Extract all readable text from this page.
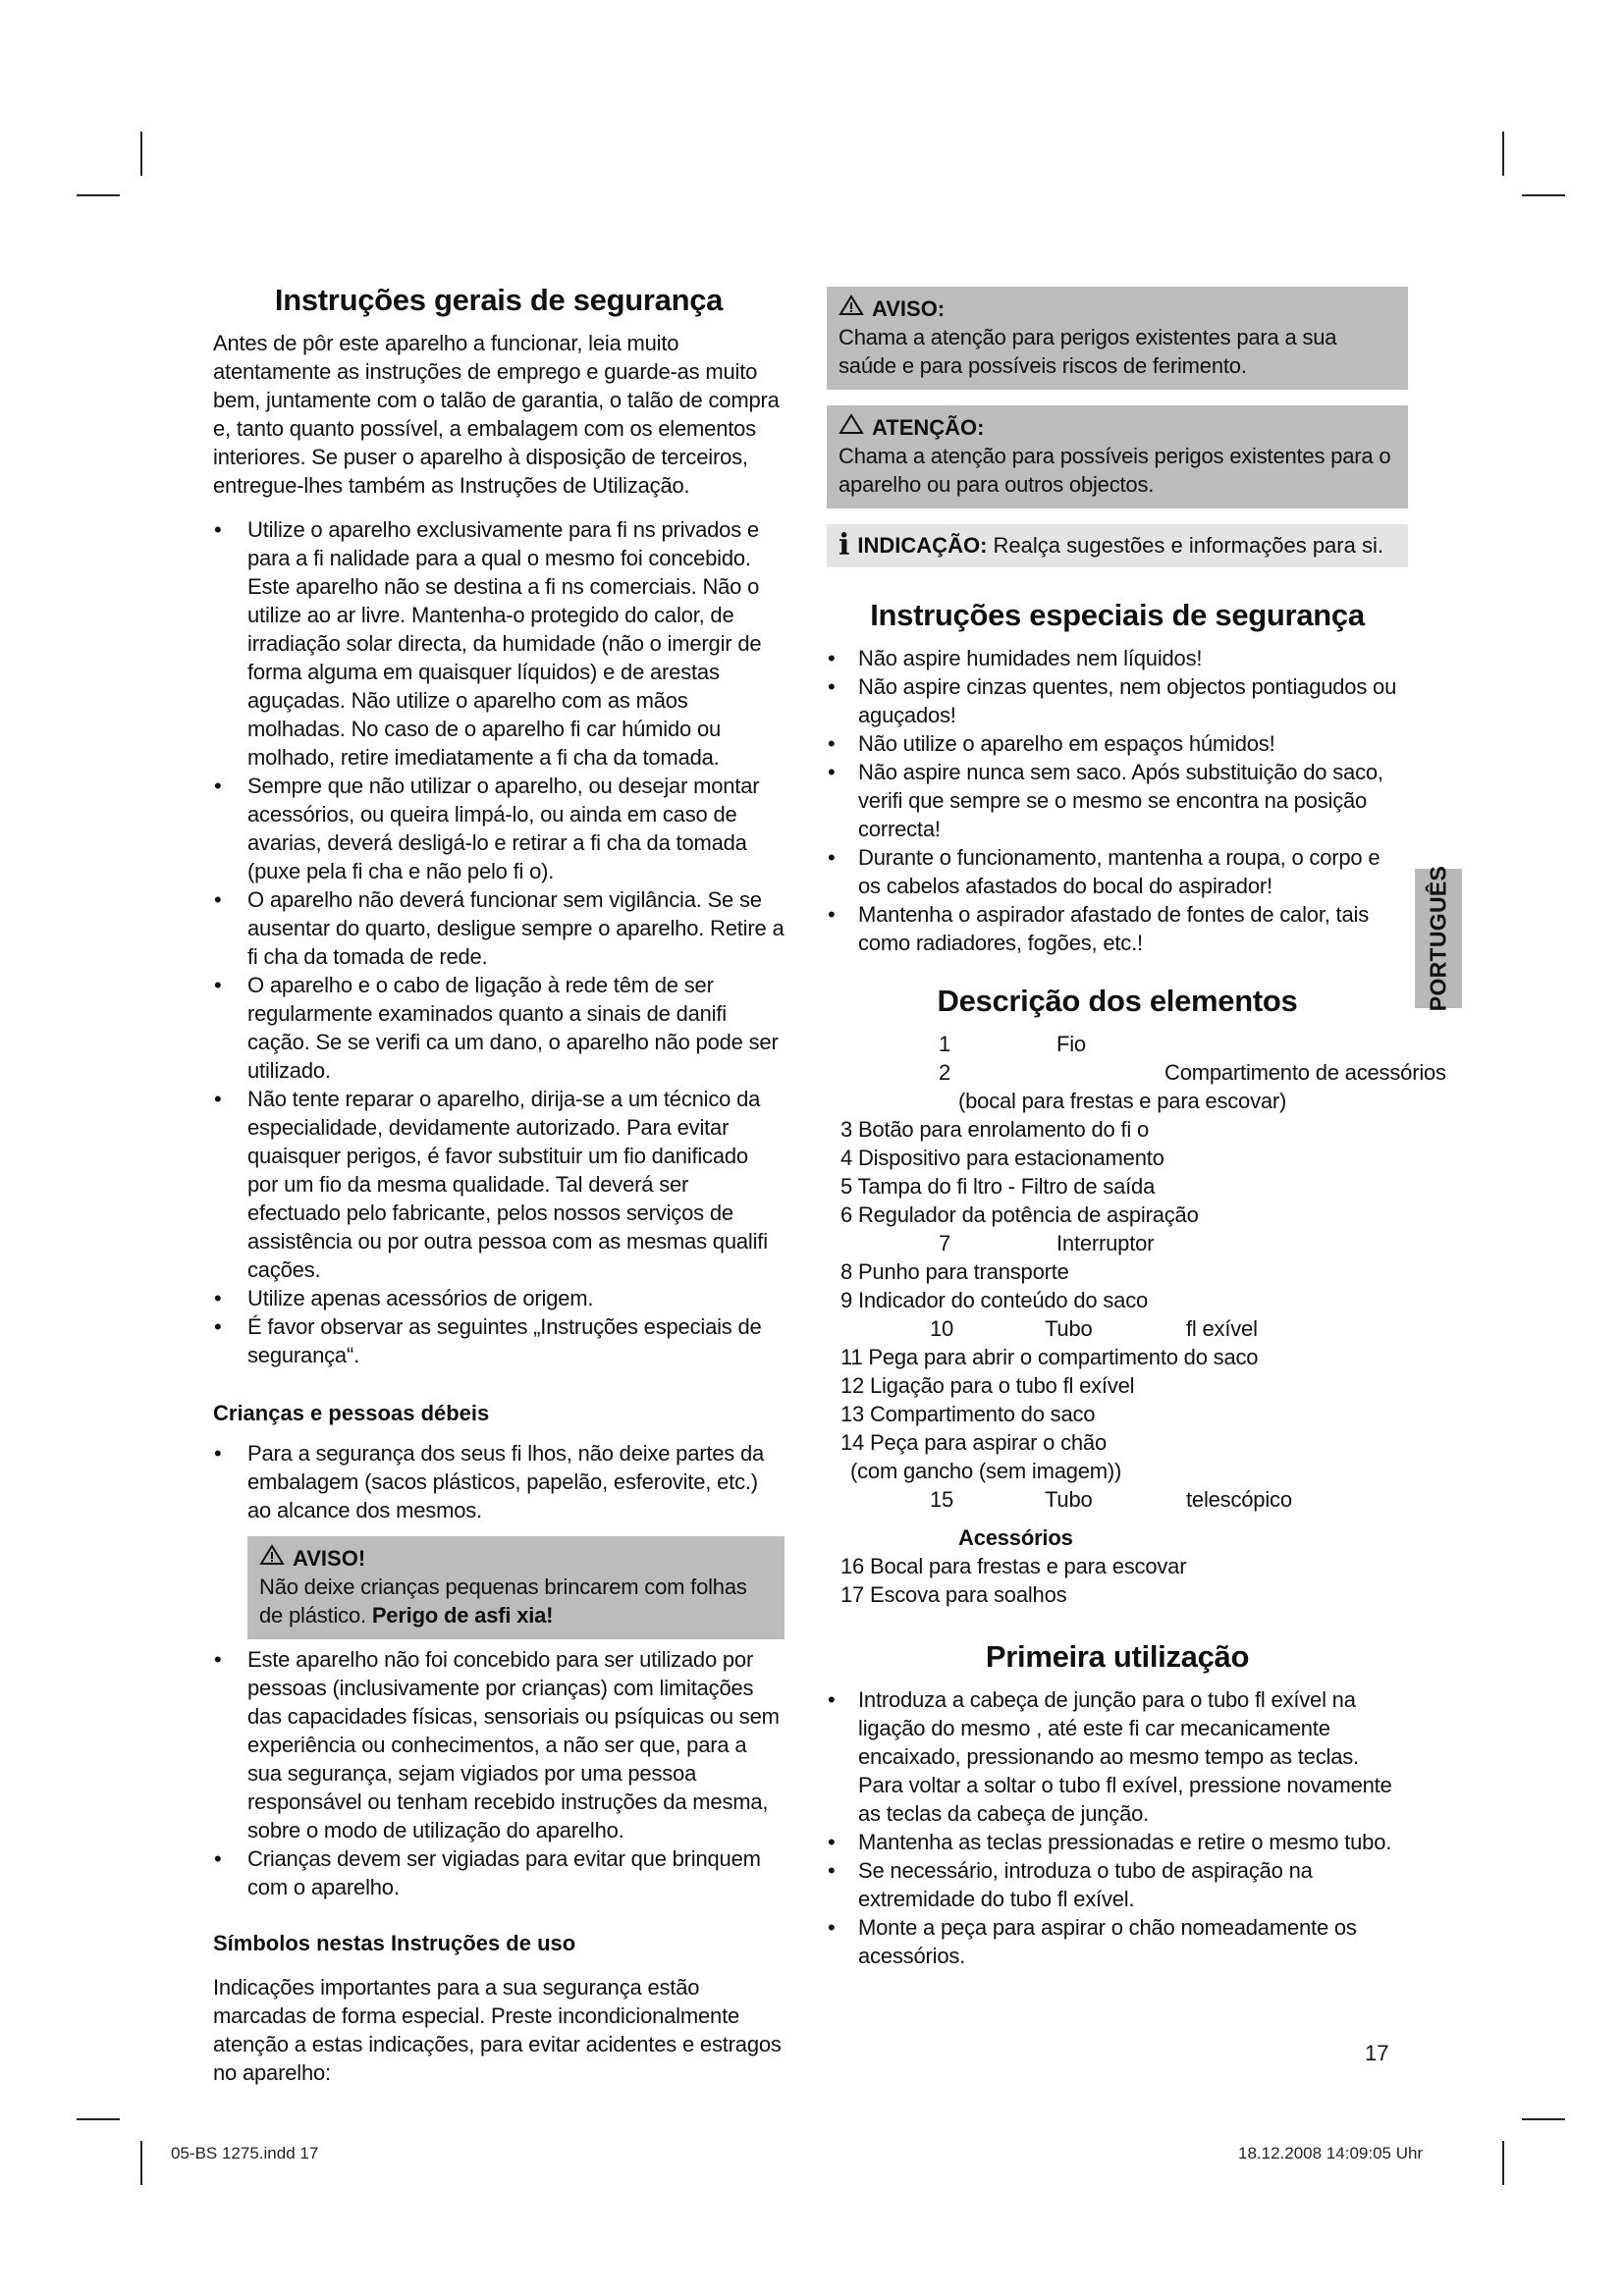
Instruções gerais de segurança

Antes de pôr este aparelho a funcionar, leia muito atentamente as instruções de emprego e guarde-as muito bem, juntamente com o talão de garantia, o talão de compra e, tanto quanto possível, a embalagem com os elementos interiores. Se puser o aparelho à disposição de terceiros, entregue-lhes também as Instruções de Utilização.

• Utilize o aparelho exclusivamente para fi ns privados e para a fi nalidade para a qual o mesmo foi concebido. Este aparelho não se destina a fi ns comerciais. Não o utilize ao ar livre. Mantenha-o protegido do calor, de irradiação solar directa, da humidade (não o imergir de forma alguma em quaisquer líquidos) e de arestas aguçadas. Não utilize o aparelho com as mãos molhadas. No caso de o aparelho fi car húmido ou molhado, retire imediatamente a fi cha da tomada.
• Sempre que não utilizar o aparelho, ou desejar montar acessórios, ou queira limpá-lo, ou ainda em caso de avarias, deverá desligá-lo e retirar a fi cha da tomada (puxe pela fi cha e não pelo fi o).
• O aparelho não deverá funcionar sem vigilância. Se se ausentar do quarto, desligue sempre o aparelho. Retire a fi cha da tomada de rede.
• O aparelho e o cabo de ligação à rede têm de ser regularmente examinados quanto a sinais de danifi cação. Se se verifi ca um dano, o aparelho não pode ser utilizado.
• Não tente reparar o aparelho, dirija-se a um técnico da especialidade, devidamente autorizado. Para evitar quaisquer perigos, é favor substituir um fio danificado por um fio da mesma qualidade. Tal deverá ser efectuado pelo fabricante, pelos nossos serviços de assistência ou por outra pessoa com as mesmas qualifi cações.
• Utilize apenas acessórios de origem.
• É favor observar as seguintes „Instruções especiais de segurança“.
Crianças e pessoas débeis
• Para a segurança dos seus fi lhos, não deixe partes da embalagem (sacos plásticos, papelão, esferovite, etc.) ao alcance dos mesmos.

AVISO!

Não deixe crianças pequenas brincarem com folhas de plástico. Perigo de asfi xia!

• Este aparelho não foi concebido para ser utilizado por pessoas (inclusivamente por crianças) com limitações das capacidades físicas, sensoriais ou psíquicas ou sem experiência ou conhecimentos, a não ser que, para a sua segurança, sejam vigiados por uma pessoa responsável ou tenham recebido instruções da mesma, sobre o modo de utilização do aparelho.
• Crianças devem ser vigiadas para evitar que brinquem com o aparelho.
Símbolos nestas Instruções de uso

Indicações importantes para a sua segurança estão marcadas de forma especial. Preste incondicionalmente atenção a estas indicações, para evitar acidentes e estragos no aparelho:

AVISO:

Chama a atenção para perigos existentes para a sua saúde e para possíveis riscos de ferimento.

ATENÇÃO:

Chama a atenção para possíveis perigos existentes para o aparelho ou para outros objectos.

i INDICAÇÃO: Realça sugestões e informações para si.
Instruções especiais de segurança
• Não aspire humidades nem líquidos!
• Não aspire cinzas quentes, nem objectos pontiagudos ou aguçados!
• Não utilize o aparelho em espaços húmidos!
• Não aspire nunca sem saco. Após substituição do saco, verifi que sempre se o mesmo se encontra na posição correcta!
• Durante o funcionamento, mantenha a roupa, o corpo e os cabelos afastados do bocal do aspirador!
• Mantenha o aspirador afastado de fontes de calor, tais como radiadores, fogões, etc.!
Descrição dos elementos
1	Fio
2	Compartimento de acessórios
(bocal para frestas e para escovar)
3 Botão para enrolamento do fi o
4 Dispositivo para estacionamento
5 Tampa do fi ltro - Filtro de saída
6 Regulador da potência de aspiração
7	Interruptor
8 Punho para transporte
9 Indicador do conteúdo do saco
10	Tubo	fl exível
11 Pega para abrir o compartimento do saco
12 Ligação para o tubo fl exível
13 Compartimento do saco
14 Peça para aspirar o chão
(com gancho (sem imagem))
15	Tubo	telescópico
Acessórios
16 Bocal para frestas e para escovar
17 Escova para soalhos
Primeira utilização
• Introduza a cabeça de junção para o tubo fl exível na ligação do mesmo , até este fi car mecanicamente encaixado, pressionando ao mesmo tempo as teclas. Para voltar a soltar o tubo fl exível, pressione novamente as teclas da cabeça de junção.
• Mantenha as teclas pressionadas e retire o mesmo tubo.
• Se necessário, introduza o tubo de aspiração na extremidade do tubo fl exível.
• Monte a peça para aspirar o chão nomeadamente os acessórios.
PORTUGUÊS
17
05-BS 1275.indd 17	18.12.2008 14:09:05 Uhr
